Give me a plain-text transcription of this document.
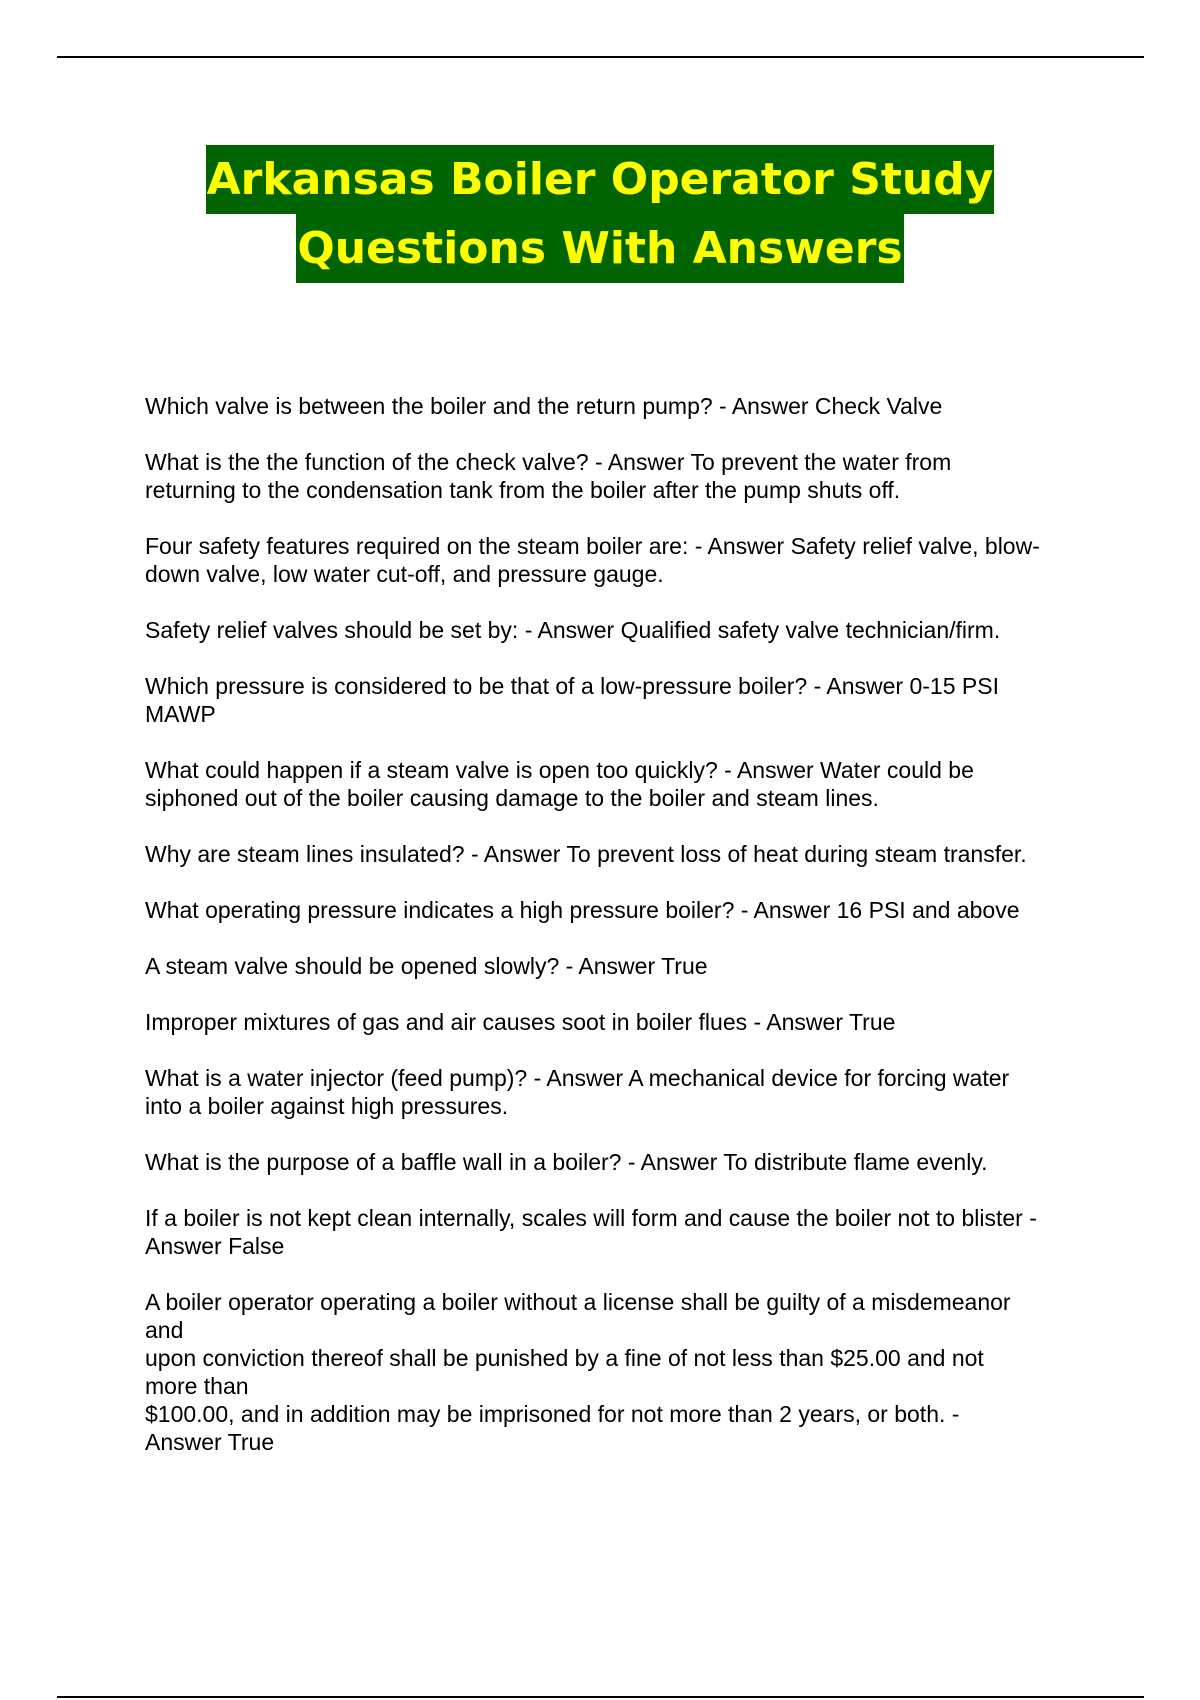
Arkansas Boiler Operator Study
Questions With Answers
Which valve is between the boiler and the return pump? - Answer Check Valve
What is the the function of the check valve? - Answer To prevent the water from
returning to the condensation tank from the boiler after the pump shuts off.
Four safety features required on the steam boiler are: - Answer Safety relief valve, blow-
down valve, low water cut-off, and pressure gauge.
Safety relief valves should be set by: - Answer Qualified safety valve technician/firm.
Which pressure is considered to be that of a low-pressure boiler? - Answer 0-15 PSI
MAWP
What could happen if a steam valve is open too quickly? - Answer Water could be
siphoned out of the boiler causing damage to the boiler and steam lines.
Why are steam lines insulated? - Answer To prevent loss of heat during steam transfer.
What operating pressure indicates a high pressure boiler? - Answer 16 PSI and above
A steam valve should be opened slowly? - Answer True
Improper mixtures of gas and air causes soot in boiler flues - Answer True
What is a water injector (feed pump)? - Answer A mechanical device for forcing water
into a boiler against high pressures.
What is the purpose of a baffle wall in a boiler? - Answer To distribute flame evenly.
If a boiler is not kept clean internally, scales will form and cause the boiler not to blister -
Answer False
A boiler operator operating a boiler without a license shall be guilty of a misdemeanor
and
upon conviction thereof shall be punished by a fine of not less than $25.00 and not
more than
$100.00, and in addition may be imprisoned for not more than 2 years, or both. -
Answer True
